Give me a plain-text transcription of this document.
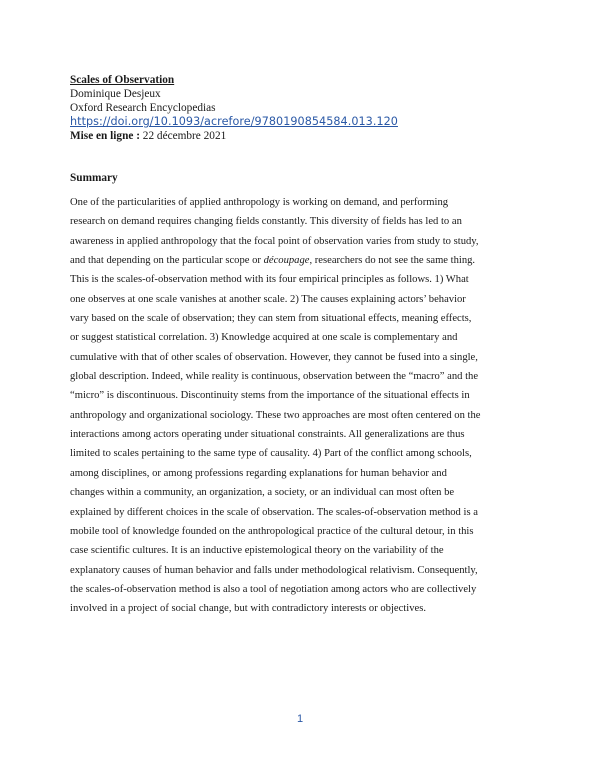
Scales of Observation
Dominique Desjeux
Oxford Research Encyclopedias
https://doi.org/10.1093/acrefore/9780190854584.013.120
Mise en ligne : 22 décembre 2021
Summary
One of the particularities of applied anthropology is working on demand, and performing
research on demand requires changing fields constantly. This diversity of fields has led to an
awareness in applied anthropology that the focal point of observation varies from study to study,
and that depending on the particular scope or découpage, researchers do not see the same thing.
This is the scales-of-observation method with its four empirical principles as follows. 1) What
one observes at one scale vanishes at another scale. 2) The causes explaining actors’ behavior
vary based on the scale of observation; they can stem from situational effects, meaning effects,
or suggest statistical correlation. 3) Knowledge acquired at one scale is complementary and
cumulative with that of other scales of observation. However, they cannot be fused into a single,
global description. Indeed, while reality is continuous, observation between the “macro” and the
“micro” is discontinuous. Discontinuity stems from the importance of the situational effects in
anthropology and organizational sociology. These two approaches are most often centered on the
interactions among actors operating under situational constraints. All generalizations are thus
limited to scales pertaining to the same type of causality. 4) Part of the conflict among schools,
among disciplines, or among professions regarding explanations for human behavior and
changes within a community, an organization, a society, or an individual can most often be
explained by different choices in the scale of observation. The scales-of-observation method is a
mobile tool of knowledge founded on the anthropological practice of the cultural detour, in this
case scientific cultures. It is an inductive epistemological theory on the variability of the
explanatory causes of human behavior and falls under methodological relativism. Consequently,
the scales-of-observation method is also a tool of negotiation among actors who are collectively
involved in a project of social change, but with contradictory interests or objectives.
1
